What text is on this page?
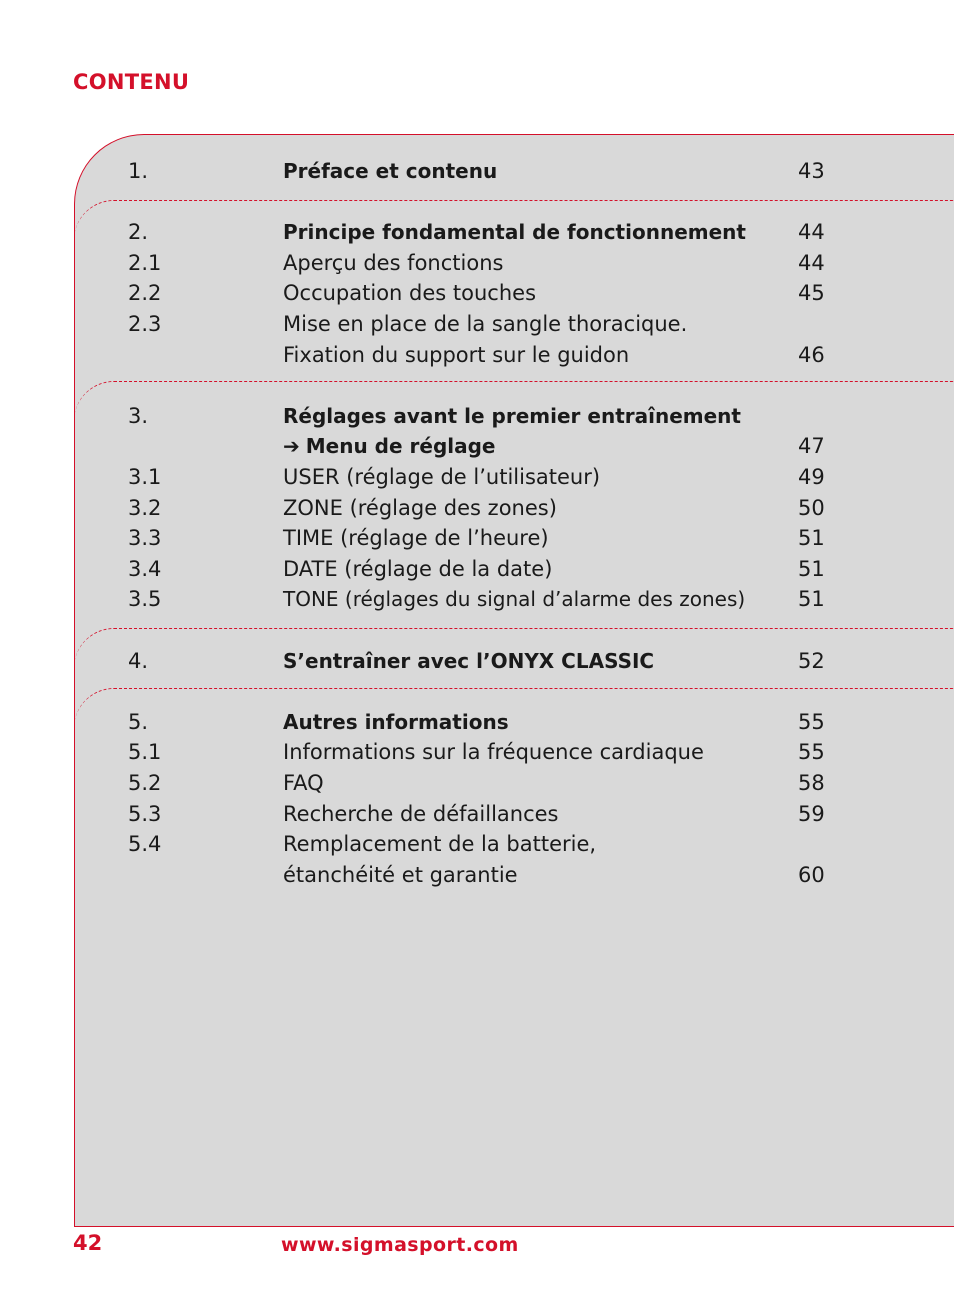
CONTENU
1.	Préface et contenu	43
2.	Principe fondamental de fonctionnement 44
2.1	Aperçu des fonctions	44
2.2	Occupation des touches	45
2.3	Mise en place de la sangle thoracique.
Fixation du support sur le guidon	46
3.	Réglages avant le premier entraînement
➔ Menu de réglage	47
3.1	USER (réglage de l’utilisateur)	49
3.2	ZONE (réglage des zones)	50
3.3	TIME (réglage de l’heure)	51
3.4	DATE (réglage de la date)	51
3.5	TONE (réglages du signal d’alarme des zones)	51
4.	S’entraîner avec l’ONYX CLASSIC	52
5.	Autres informations	55
5.1	Informations sur la fréquence cardiaque	55
5.2	FAQ	58
5.3	Recherche de défaillances	59
5.4	Remplacement de la batterie,
étanchéité et garantie	60
42	www.sigmasport.com
